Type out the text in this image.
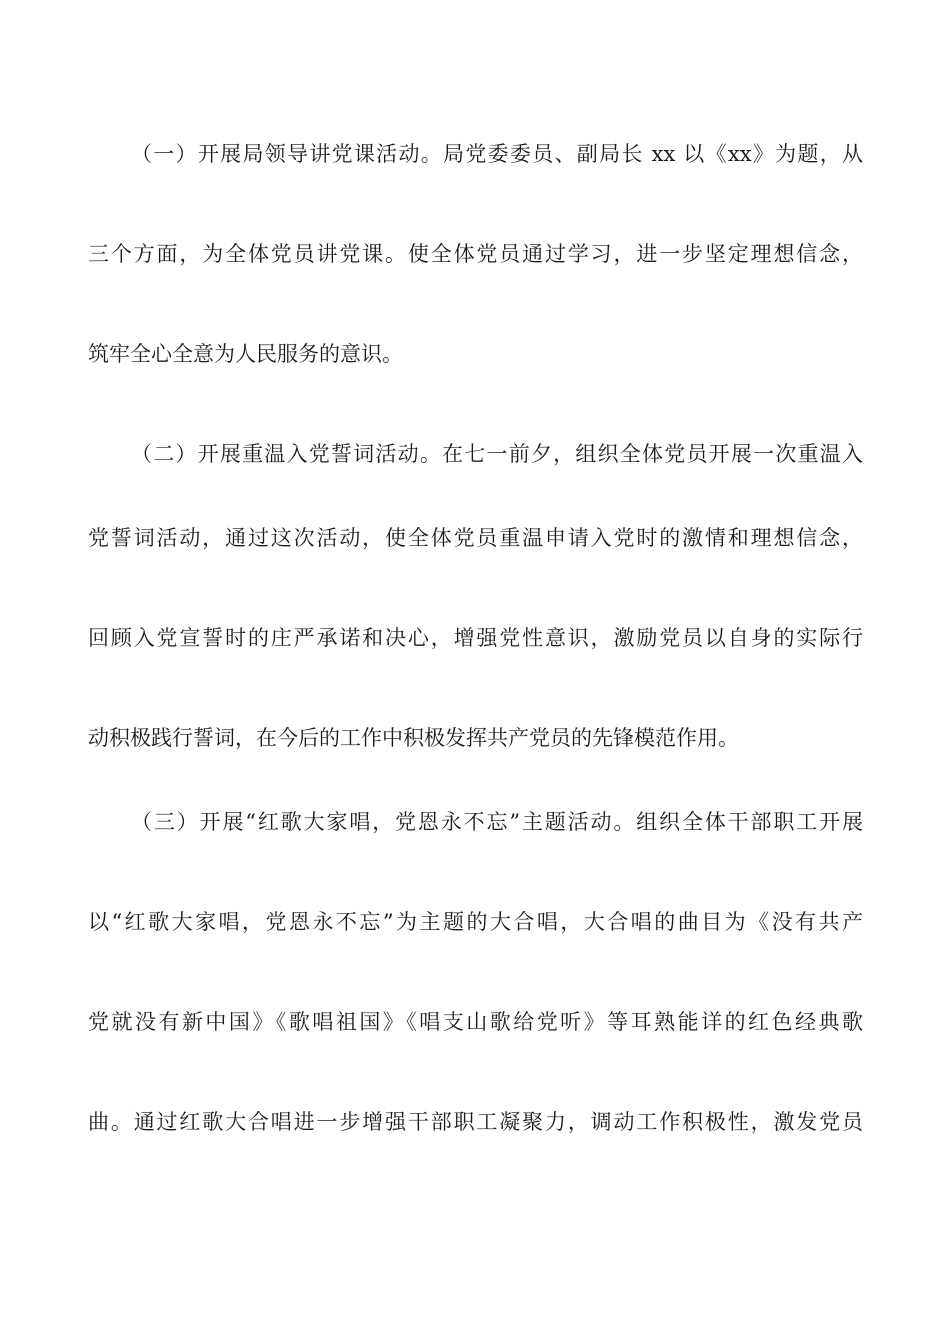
（一）开展局领导讲党课活动。局党委委员、副局长 xx 以《xx》为题，从
三个方面，为全体党员讲党课。使全体党员通过学习，进一步坚定理想信念，
筑牢全心全意为人民服务的意识。
（二）开展重温入党誓词活动。在七一前夕，组织全体党员开展一次重温入
党誓词活动，通过这次活动，使全体党员重温申请入党时的激情和理想信念，
回顾入党宣誓时的庄严承诺和决心，增强党性意识，激励党员以自身的实际行
动积极践行誓词，在今后的工作中积极发挥共产党员的先锋模范作用。
（三）开展“红歌大家唱，党恩永不忘”主题活动。组织全体干部职工开展
以“红歌大家唱，党恩永不忘”为主题的大合唱，大合唱的曲目为《没有共产
党就没有新中国》《歌唱祖国》《唱支山歌给党听》等耳熟能详的红色经典歌
曲。通过红歌大合唱进一步增强干部职工凝聚力，调动工作积极性，激发党员
